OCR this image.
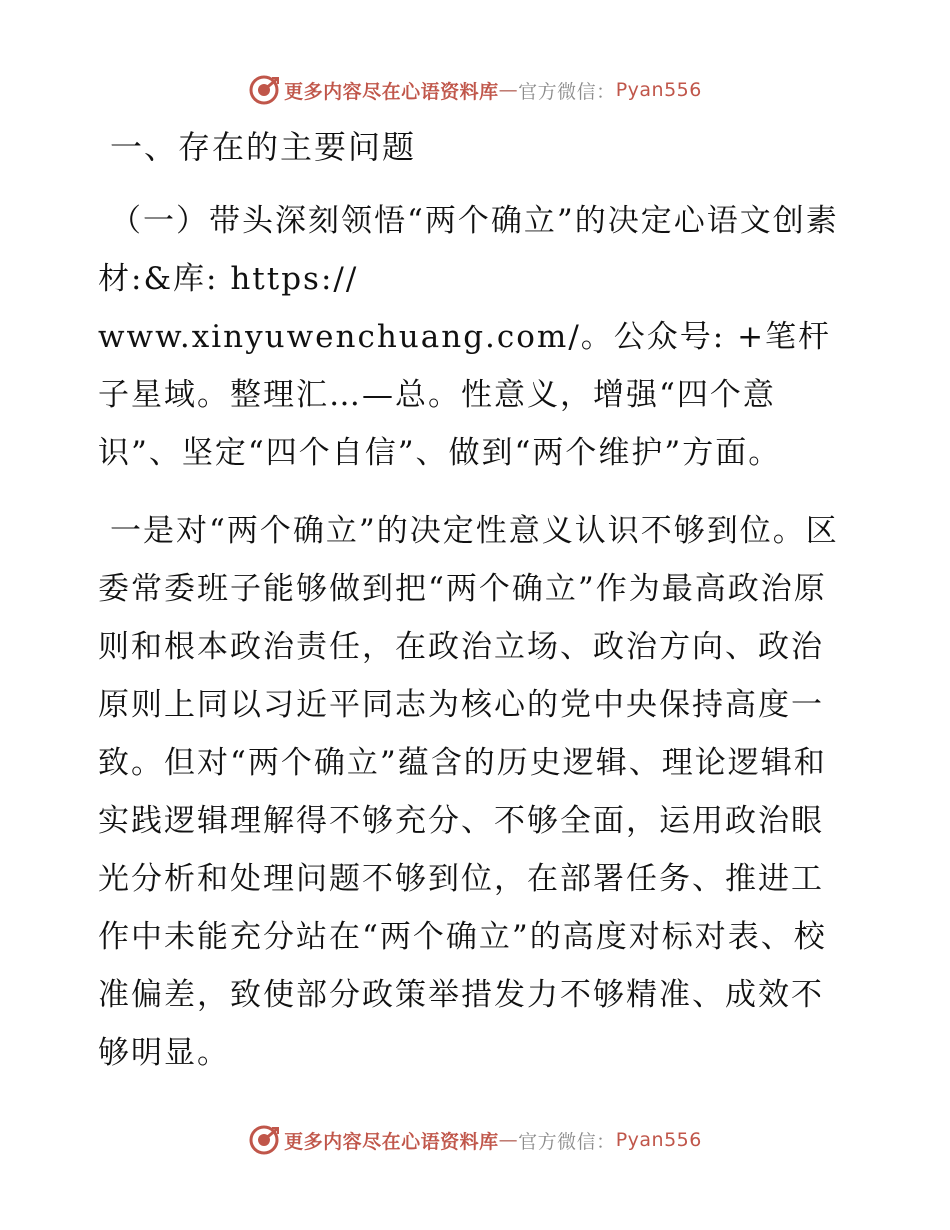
更多内容尽在心语资料库 — 官方微信： Pyan556

一、存在的主要问题

（一）带头深刻领悟“两个确立”的决定心语文创素材:&库: https:// www.xinyuwenchuang.com/。公众号: +笔杆子星域。整理汇…—总。性意义，增强“四个意识”、坚定“四个自信”、做到“两个维护”方面。

一是对“两个确立”的决定性意义认识不够到位。区委常委班子能够做到把“两个确立”作为最高政治原则和根本政治责任，在政治立场、政治方向、政治原则上同以习近平同志为核心的党中央保持高度一致。但对“两个确立”蕴含的历史逻辑、理论逻辑和实践逻辑理解得不够充分、不够全面，运用政治眼光分析和处理问题不够到位，在部署任务、推进工作中未能充分站在“两个确立”的高度对标对表、校准偏差，致使部分政策举措发力不够精准、成效不够明显。

更多内容尽在心语资料库 — 官方微信： Pyan556
